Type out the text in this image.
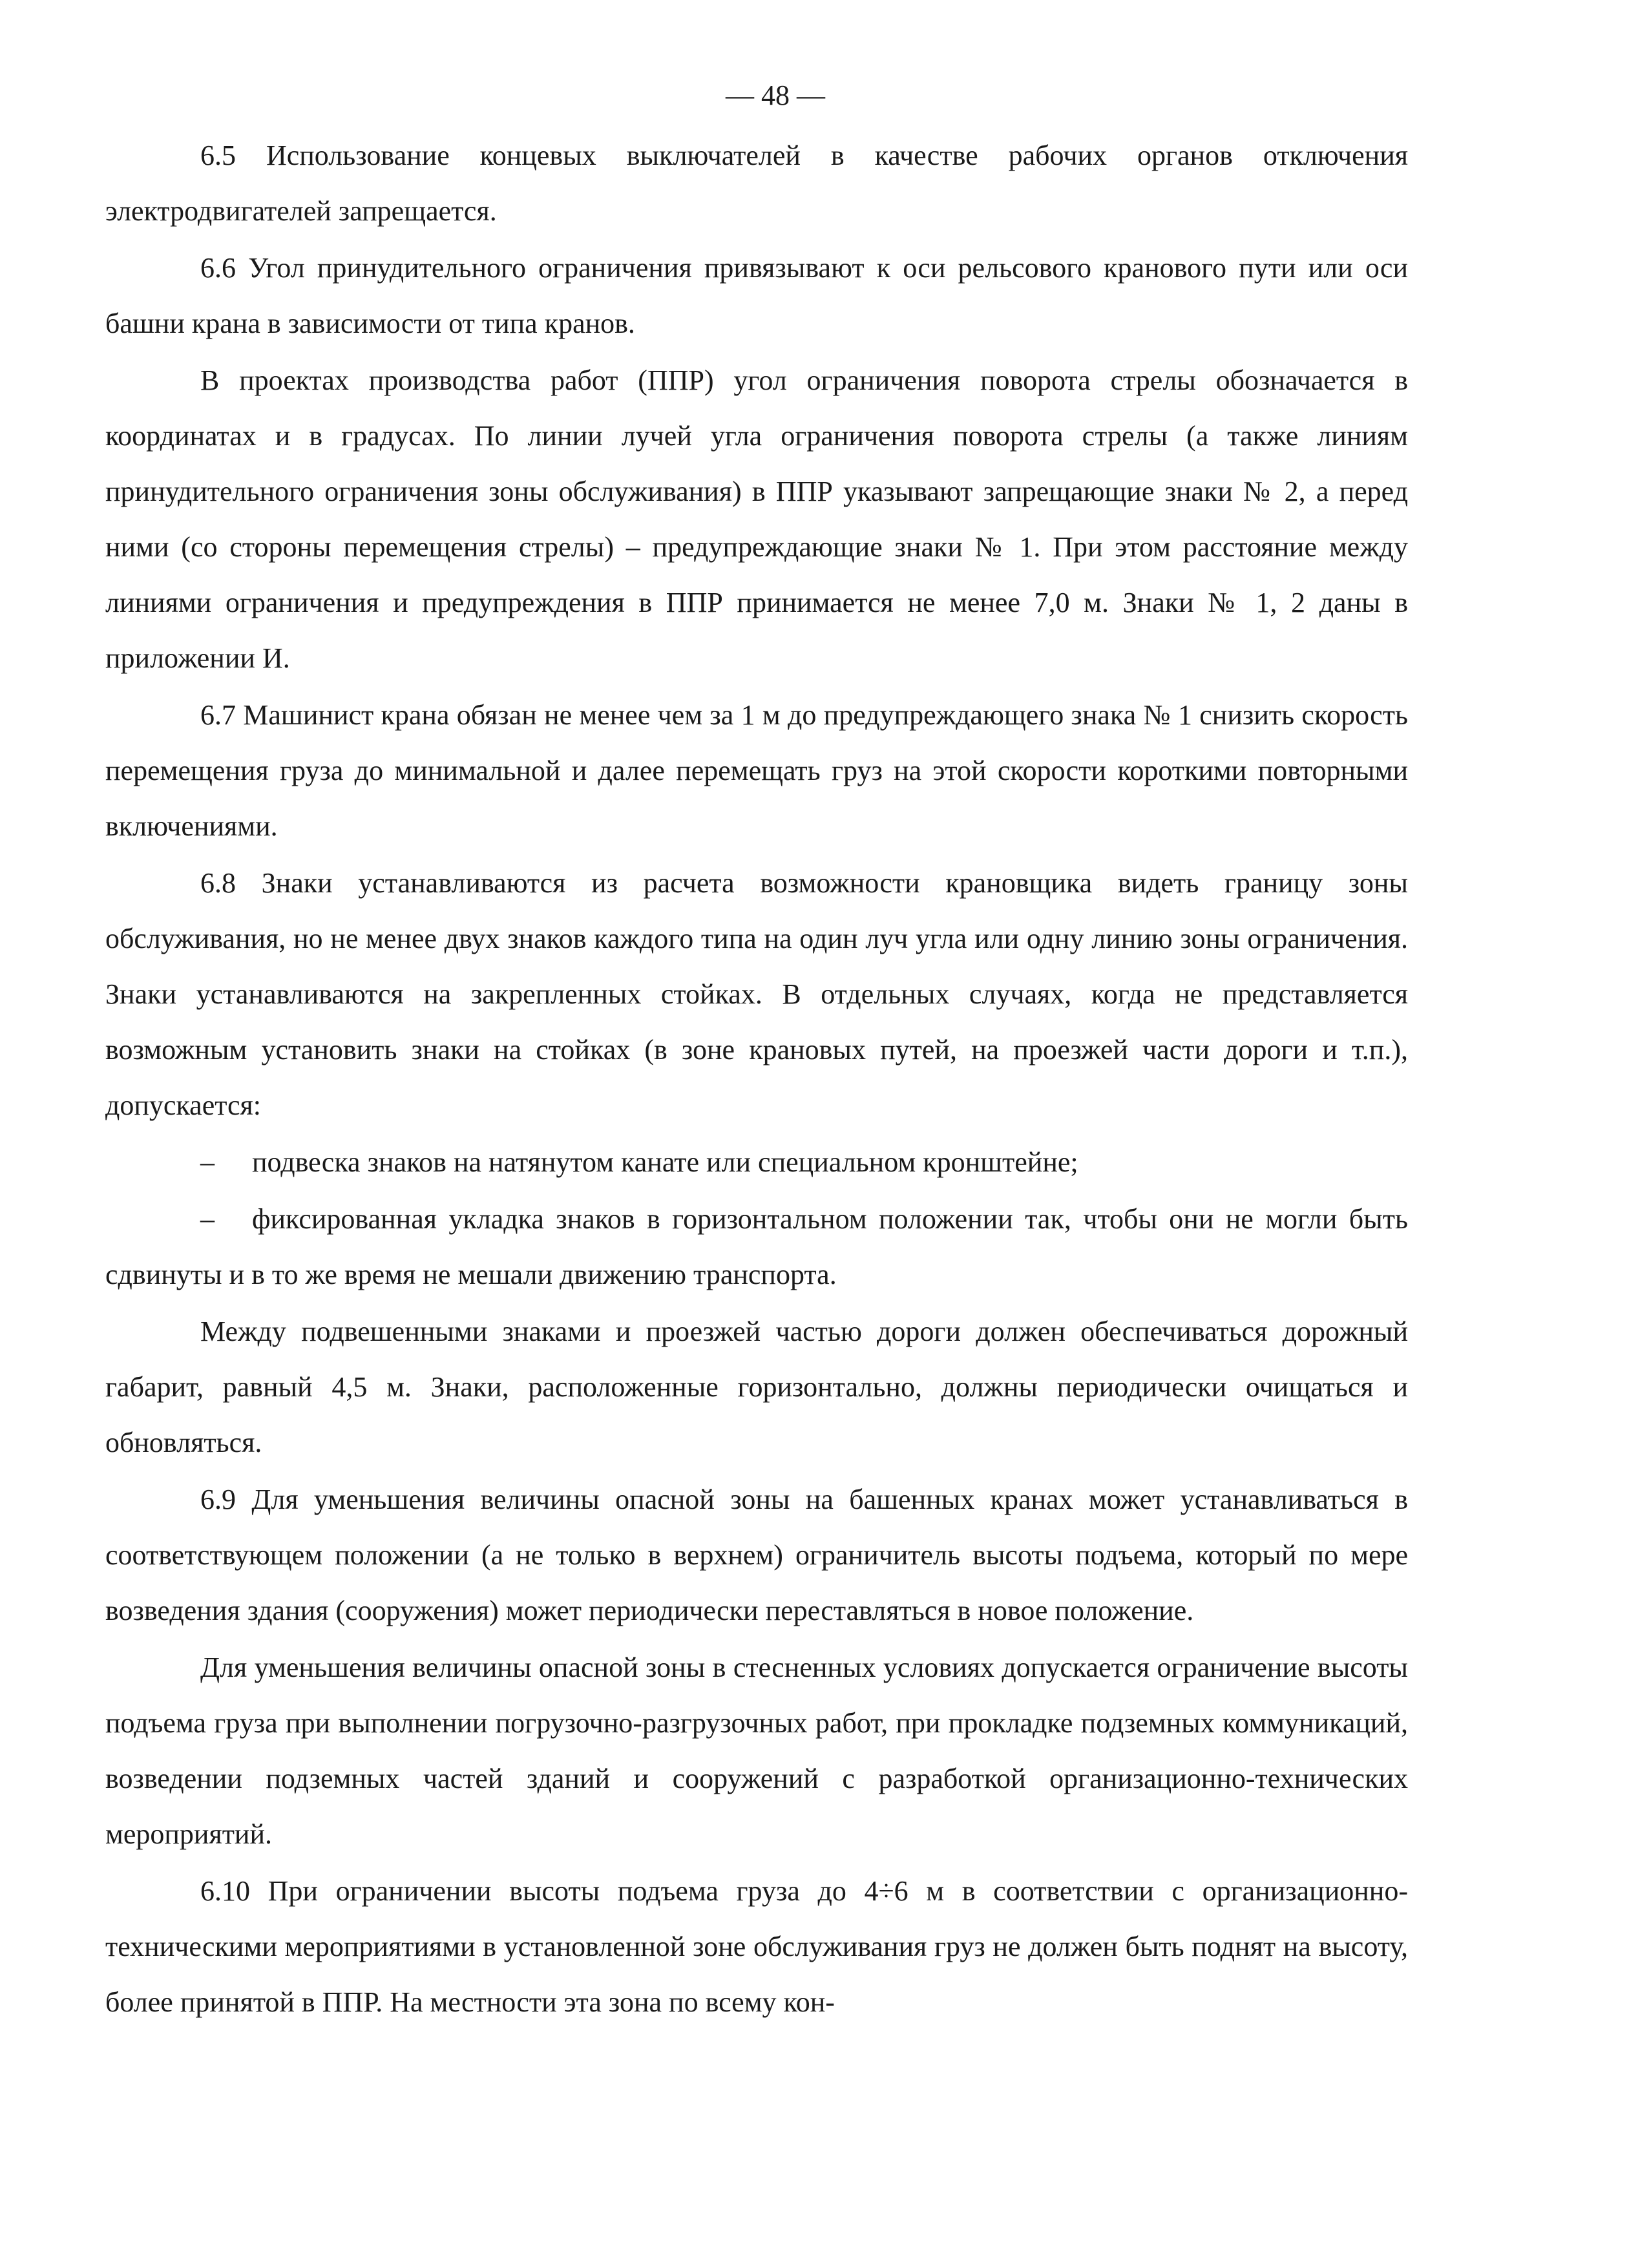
— 48 —

6.5 Использование концевых выключателей в качестве рабочих органов отключения электродвигателей запрещается.

6.6 Угол принудительного ограничения привязывают к оси рельсового кранового пути или оси башни крана в зависимости от типа кранов.

В проектах производства работ (ППР) угол ограничения поворота стрелы обозначается в координатах и в градусах. По линии лучей угла ограничения поворота стрелы (а также линиям принудительного ограничения зоны обслуживания) в ППР указывают запрещающие знаки № 2, а перед ними (со стороны перемещения стрелы) – предупреждающие знаки № 1. При этом расстояние между линиями ограничения и предупреждения в ППР принимается не менее 7,0 м. Знаки № 1, 2 даны в приложении И.

6.7 Машинист крана обязан не менее чем за 1 м до предупреждающего знака № 1 снизить скорость перемещения груза до минимальной и далее перемещать груз на этой скорости короткими повторными включениями.

6.8 Знаки устанавливаются из расчета возможности крановщика видеть границу зоны обслуживания, но не менее двух знаков каждого типа на один луч угла или одну линию зоны ограничения. Знаки устанавливаются на закрепленных стойках. В отдельных случаях, когда не представляется возможным установить знаки на стойках (в зоне крановых путей, на проезжей части дороги и т.п.), допускается:

– подвеска знаков на натянутом канате или специальном кронштейне;

– фиксированная укладка знаков в горизонтальном положении так, чтобы они не могли быть сдвинуты и в то же время не мешали движению транспорта.

Между подвешенными знаками и проезжей частью дороги должен обеспечиваться дорожный габарит, равный 4,5 м. Знаки, расположенные горизонтально, должны периодически очищаться и обновляться.

6.9 Для уменьшения величины опасной зоны на башенных кранах может устанавливаться в соответствующем положении (а не только в верхнем) ограничитель высоты подъема, который по мере возведения здания (сооружения) может периодически переставляться в новое положение.

Для уменьшения величины опасной зоны в стесненных условиях допускается ограничение высоты подъема груза при выполнении погрузочно-разгрузочных работ, при прокладке подземных коммуникаций, возведении подземных частей зданий и сооружений с разработкой организационно-технических мероприятий.

6.10 При ограничении высоты подъема груза до 4÷6 м в соответствии с организационно-техническими мероприятиями в установленной зоне обслуживания груз не должен быть поднят на высоту, более принятой в ППР. На местности эта зона по всему кон-
